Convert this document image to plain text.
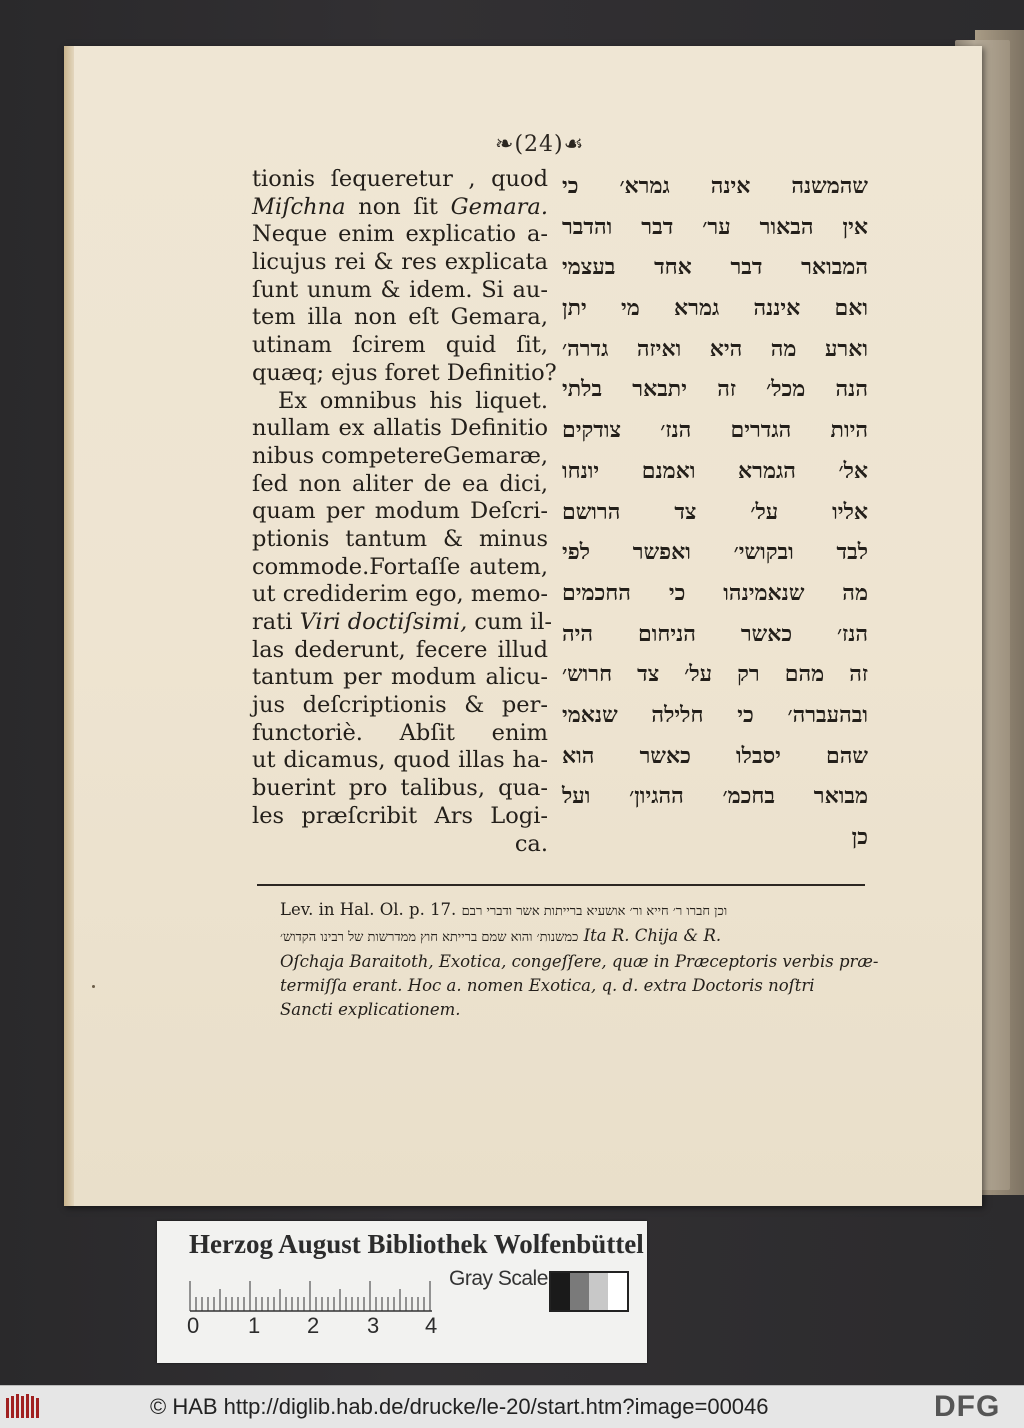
❧(24)☙
tionis ſequeretur , quod
Miſchna non ſit Gemara.
Neque enim explicatio a-
licujus rei & res explicata
ſunt unum & idem. Si au-
tem illa non eſt Gemara,
utinam ſcirem quid ſit,
quæq; ejus foret Definitio?
Ex omnibus his liquet.
nullam ex allatis Definitio
nibus competereGemaræ,
ſed non aliter de ea dici,
quam per modum Deſcri-
ptionis tantum & minus
commode.Fortaſſe autem,
ut crediderim ego, memo-
rati Viri doctiſsimi, cum il-
las dederunt, fecere illud
tantum per modum alicu-
jus deſcriptionis & per-
functoriè. Abſit enim
ut dicamus, quod illas ha-
buerint pro talibus, qua-
les præſcribit Ars Logi-
ca.
שהמשנה אינה גמרא׳ כי
אין הבאור ער׳ דבר והדבר
המבואר דבר אחד בעצמי
ואם איננה גמרא מי יתן
וארע מה היא ואיזה גדרה׳
הנה מכל׳ זה יתבאר בלתי
היות הגדרים הנז׳ צודקים
אל׳ הגמרא ואמנם יונחו
אליו על׳ צד הרושם
לבד ובקושי׳ ואפשר לפי
מה שנאמינהו כי החכמים
הנז׳ כאשר הניחום היה
זה מהם רק על׳ צד חרוש׳
ובהעברה׳ כי חלילה שנאמי
שהם יסבלו כאשר הוא
מבואר בחכמ׳ ההגיון׳ ועל
כן
Lev. in Hal. Ol. p. 17. וכן חברו ר׳ חייא ור׳ אושעיא ברייתות אשר ודברי רבם
כמשנות׳ והוא שמם ברייתא חוץ ממדרשות של רבינו הקדוש׳ Ita R. Chija & R.
Oſchaja Baraitoth, Exotica, congeſſere, quæ in Præceptoris verbis præ-
termiſſa erant. Hoc a. nomen Exotica, q. d. extra Doctoris noſtri
Sancti explicationem.
Herzog August Bibliothek Wolfenbüttel
Gray Scale
0 1 2 3 4
© HAB http://diglib.hab.de/drucke/le-20/start.htm?image=00046	DFG
